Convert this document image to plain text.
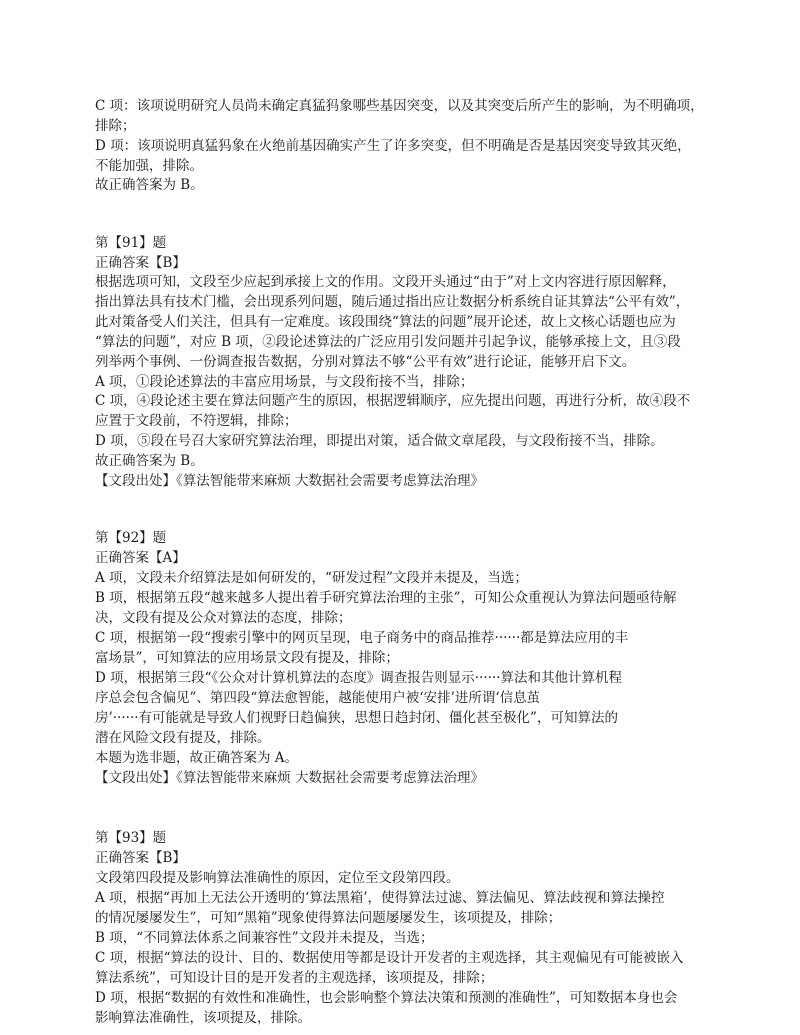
C 项：该项说明研究人员尚未确定真猛犸象哪些基因突变，以及其突变后所产生的影响，为不明确项，
排除；
D 项：该项说明真猛犸象在火绝前基因确实产生了许多突变，但不明确是否是基因突变导致其灭绝，
不能加强，排除。
故正确答案为 B。
第【91】题
正确答案【B】
根据选项可知，文段至少应起到承接上文的作用。文段开头通过“由于”对上文内容进行原因解释，
指出算法具有技术门槛，会出现系列问题，随后通过指出应让数据分析系统自证其算法“公平有效”，
此对策备受人们关注，但具有一定难度。该段围绕“算法的问题”展开论述，故上文核心话题也应为
“算法的问题”，对应 B 项，②段论述算法的广泛应用引发问题并引起争议，能够承接上文，且③段
列举两个事例、一份调查报告数据，分别对算法不够“公平有效”进行论证，能够开启下文。
A 项，①段论述算法的丰富应用场景，与文段衔接不当，排除；
C 项，④段论述主要在算法问题产生的原因，根据逻辑顺序，应先提出问题，再进行分析，故④段不
应置于文段前，不符逻辑，排除；
D 项，⑤段在号召大家研究算法治理，即提出对策，适合做文章尾段，与文段衔接不当，排除。
故正确答案为 B。
【文段出处】《算法智能带来麻烦 大数据社会需要考虑算法治理》
第【92】题
正确答案【A】
A 项，文段未介绍算法是如何研发的，“研发过程”文段并未提及，当选；
B 项，根据第五段“越来越多人提出着手研究算法治理的主张”，可知公众重视认为算法问题亟待解
决，文段有提及公众对算法的态度，排除；
C 项，根据第一段“搜索引擎中的网页呈现，电子商务中的商品推荐······都是算法应用的丰
富场景”，可知算法的应用场景文段有提及，排除；
D 项，根据第三段“《公众对计算机算法的态度》调查报告则显示······算法和其他计算机程
序总会包含偏见”、第四段“算法愈智能，越能使用户被‘安排’进所谓‘信息茧
房’······有可能就是导致人们视野日趋偏狭，思想日趋封闭、僵化甚至极化”，可知算法的
潜在风险文段有提及，排除。
本题为选非题，故正确答案为 A。
【文段出处】《算法智能带来麻烦 大数据社会需要考虑算法治理》
第【93】题
正确答案【B】
文段第四段提及影响算法准确性的原因，定位至文段第四段。
A 项，根据“再加上无法公开透明的‘算法黑箱’，使得算法过滤、算法偏见、算法歧视和算法操控
的情况屡屡发生”，可知“黑箱”现象使得算法问题屡屡发生，该项提及，排除；
B 项，“不同算法体系之间兼容性”文段并未提及，当选；
C 项，根据“算法的设计、目的、数据使用等都是设计开发者的主观选择，其主观偏见有可能被嵌入
算法系统”，可知设计目的是开发者的主观选择，该项提及，排除；
D 项，根据“数据的有效性和准确性，也会影响整个算法决策和预测的准确性”，可知数据本身也会
影响算法准确性，该项提及，排除。
